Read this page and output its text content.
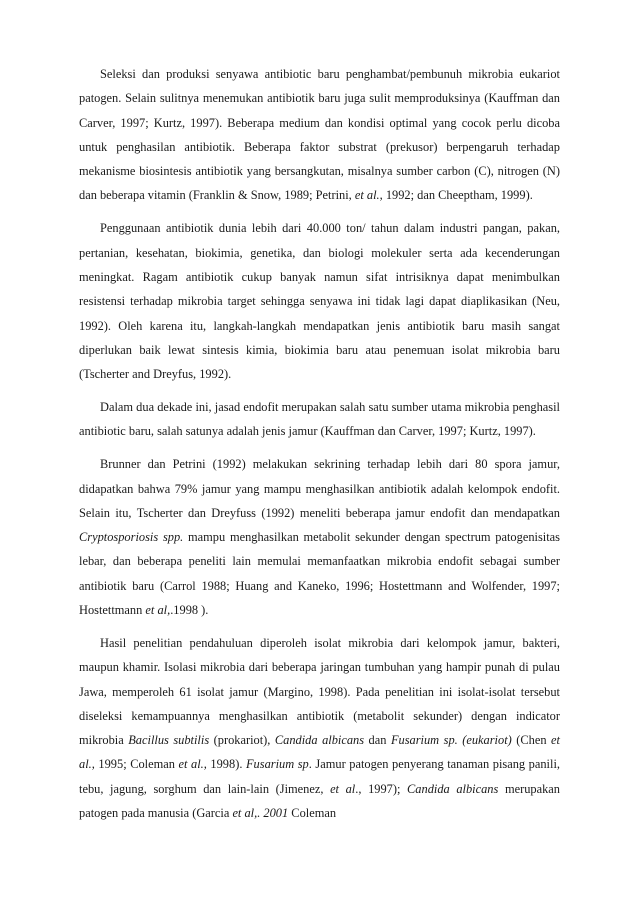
Seleksi dan produksi senyawa antibiotic baru penghambat/pembunuh mikrobia eukariot patogen. Selain sulitnya menemukan antibiotik baru juga sulit memproduksinya (Kauffman dan Carver, 1997; Kurtz, 1997). Beberapa medium dan kondisi optimal yang cocok perlu dicoba untuk penghasilan antibiotik. Beberapa faktor substrat (prekusor) berpengaruh terhadap mekanisme biosintesis antibiotik yang bersangkutan, misalnya sumber carbon (C), nitrogen (N) dan beberapa vitamin (Franklin & Snow, 1989; Petrini, et al., 1992; dan Cheeptham, 1999).

Penggunaan antibiotik dunia lebih dari 40.000 ton/ tahun dalam industri pangan, pakan, pertanian, kesehatan, biokimia, genetika, dan biologi molekuler serta ada kecenderungan meningkat. Ragam antibiotik cukup banyak namun sifat intrisiknya dapat menimbulkan resistensi terhadap mikrobia target sehingga senyawa ini tidak lagi dapat diaplikasikan (Neu, 1992). Oleh karena itu, langkah-langkah mendapatkan jenis antibiotik baru masih sangat diperlukan baik lewat sintesis kimia, biokimia baru atau penemuan isolat mikrobia baru (Tscherter and Dreyfus, 1992).

Dalam dua dekade ini, jasad endofit merupakan salah satu sumber utama mikrobia penghasil antibiotic baru, salah satunya adalah jenis jamur (Kauffman dan Carver, 1997; Kurtz, 1997).

Brunner dan Petrini (1992) melakukan sekrining terhadap lebih dari 80 spora jamur, didapatkan bahwa 79% jamur yang mampu menghasilkan antibiotik adalah kelompok endofit. Selain itu, Tscherter dan Dreyfuss (1992) meneliti beberapa jamur endofit dan mendapatkan Cryptosporiosis spp. mampu menghasilkan metabolit sekunder dengan spectrum patogenisitas lebar, dan beberapa peneliti lain memulai memanfaatkan mikrobia endofit sebagai sumber antibiotik baru (Carrol 1988; Huang and Kaneko, 1996; Hostettmann and Wolfender, 1997; Hostettmann et al,.1998 ).

Hasil penelitian pendahuluan diperoleh isolat mikrobia dari kelompok jamur, bakteri, maupun khamir. Isolasi mikrobia dari beberapa jaringan tumbuhan yang hampir punah di pulau Jawa, memperoleh 61 isolat jamur (Margino, 1998). Pada penelitian ini isolat-isolat tersebut diseleksi kemampuannya menghasilkan antibiotik (metabolit sekunder) dengan indicator mikrobia Bacillus subtilis (prokariot), Candida albicans dan Fusarium sp. (eukariot) (Chen et al., 1995; Coleman et al., 1998). Fusarium sp. Jamur patogen penyerang tanaman pisang panili, tebu, jagung, sorghum dan lain-lain (Jimenez, et al., 1997); Candida albicans merupakan patogen pada manusia (Garcia et al,. 2001 Coleman
